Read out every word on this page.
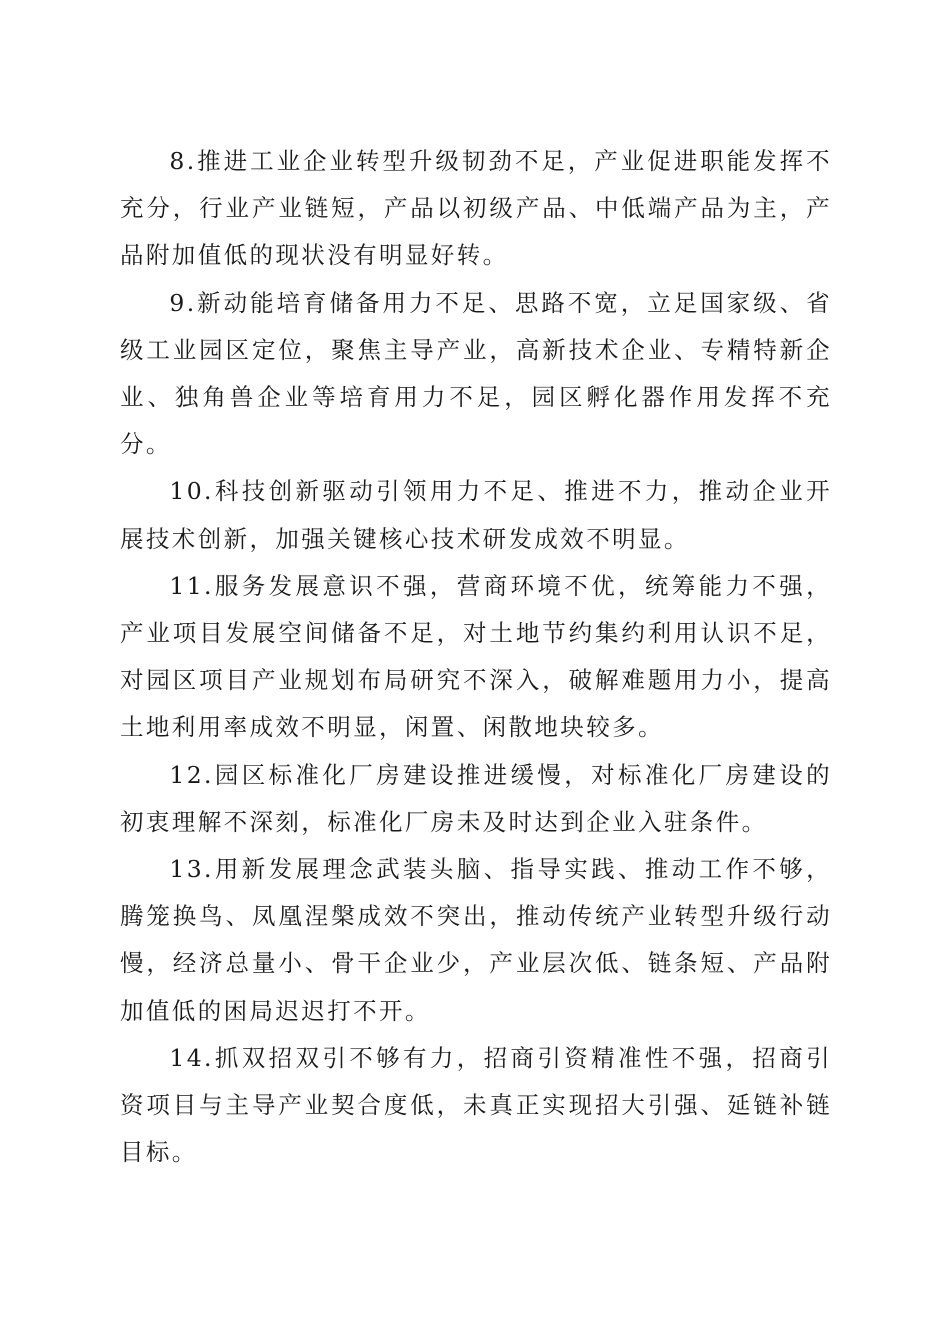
8.推进工业企业转型升级韧劲不足，产业促进职能发挥不充分，行业产业链短，产品以初级产品、中低端产品为主，产品附加值低的现状没有明显好转。

9.新动能培育储备用力不足、思路不宽，立足国家级、省级工业园区定位，聚焦主导产业，高新技术企业、专精特新企业、独角兽企业等培育用力不足，园区孵化器作用发挥不充分。

10.科技创新驱动引领用力不足、推进不力，推动企业开展技术创新，加强关键核心技术研发成效不明显。

11.服务发展意识不强，营商环境不优，统筹能力不强，产业项目发展空间储备不足，对土地节约集约利用认识不足，对园区项目产业规划布局研究不深入，破解难题用力小，提高土地利用率成效不明显，闲置、闲散地块较多。

12.园区标准化厂房建设推进缓慢，对标准化厂房建设的初衷理解不深刻，标准化厂房未及时达到企业入驻条件。

13.用新发展理念武装头脑、指导实践、推动工作不够，腾笼换鸟、凤凰涅槃成效不突出，推动传统产业转型升级行动慢，经济总量小、骨干企业少，产业层次低、链条短、产品附加值低的困局迟迟打不开。

14.抓双招双引不够有力，招商引资精准性不强，招商引资项目与主导产业契合度低，未真正实现招大引强、延链补链目标。
